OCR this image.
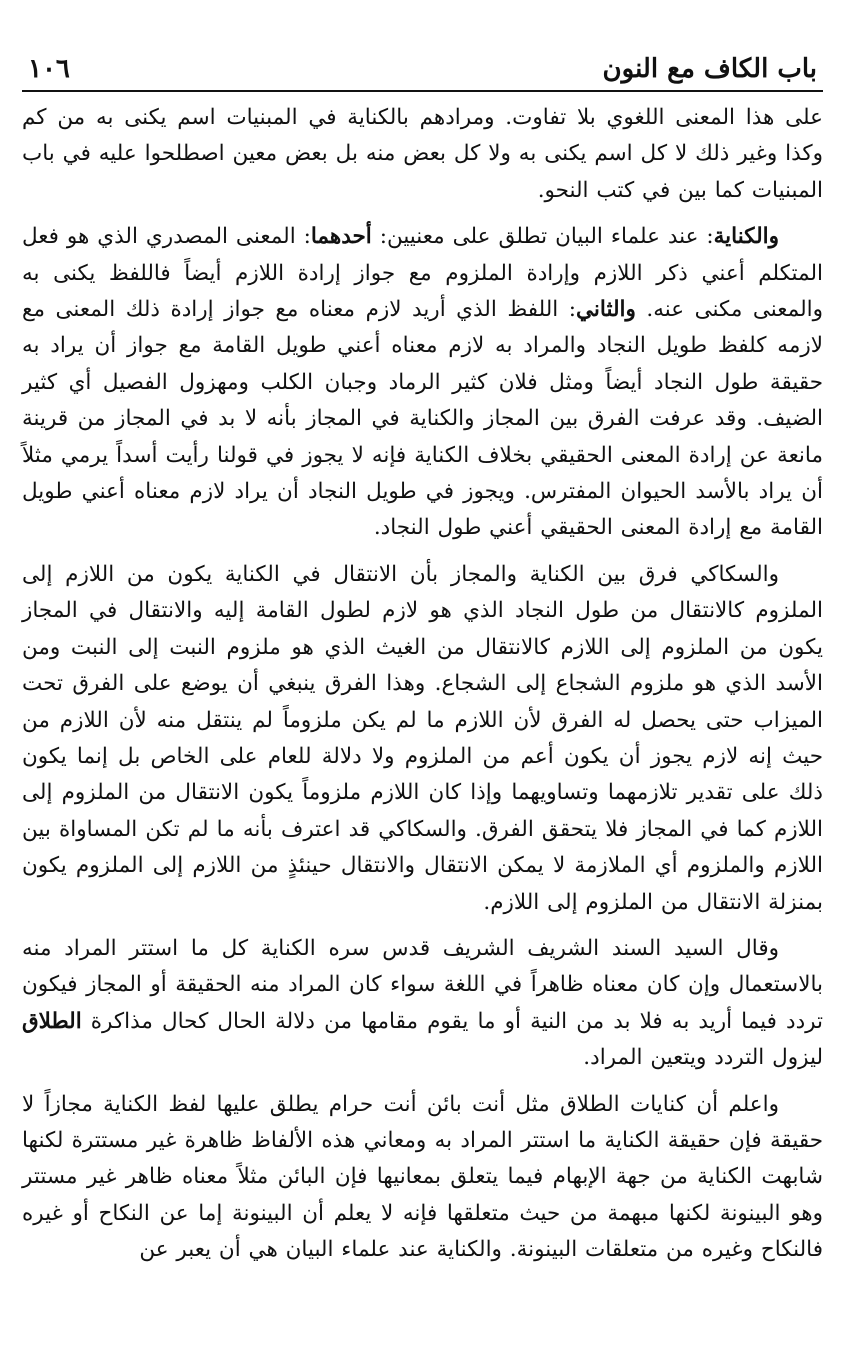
باب الكاف مع النون
١٠٦

على هذا المعنى اللغوي بلا تفاوت. ومرادهم بالكناية في المبنيات اسم يكنى به من كم وكذا وغير ذلك لا كل اسم يكنى به ولا كل بعض منه بل بعض معين اصطلحوا عليه في باب المبنيات كما بين في كتب النحو.

والكناية: عند علماء البيان تطلق على معنيين: أحدهما: المعنى المصدري الذي هو فعل المتكلم أعني ذكر اللازم وإرادة الملزوم مع جواز إرادة اللازم أيضاً فاللفظ يكنى به والمعنى مكنى عنه. والثاني: اللفظ الذي أريد لازم معناه مع جواز إرادة ذلك المعنى مع لازمه كلفظ طويل النجاد والمراد به لازم معناه أعني طويل القامة مع جواز أن يراد به حقيقة طول النجاد أيضاً ومثل فلان كثير الرماد وجبان الكلب ومهزول الفصيل أي كثير الضيف. وقد عرفت الفرق بين المجاز والكناية في المجاز بأنه لا بد في المجاز من قرينة مانعة عن إرادة المعنى الحقيقي بخلاف الكناية فإنه لا يجوز في قولنا رأيت أسداً يرمي مثلاً أن يراد بالأسد الحيوان المفترس. ويجوز في طويل النجاد أن يراد لازم معناه أعني طويل القامة مع إرادة المعنى الحقيقي أعني طول النجاد.

والسكاكي فرق بين الكناية والمجاز بأن الانتقال في الكناية يكون من اللازم إلى الملزوم كالانتقال من طول النجاد الذي هو لازم لطول القامة إليه والانتقال في المجاز يكون من الملزوم إلى اللازم كالانتقال من الغيث الذي هو ملزوم النبت إلى النبت ومن الأسد الذي هو ملزوم الشجاع إلى الشجاع. وهذا الفرق ينبغي أن يوضع على الفرق تحت الميزاب حتى يحصل له الفرق لأن اللازم ما لم يكن ملزوماً لم ينتقل منه لأن اللازم من حيث إنه لازم يجوز أن يكون أعم من الملزوم ولا دلالة للعام على الخاص بل إنما يكون ذلك على تقدير تلازمهما وتساويهما وإذا كان اللازم ملزوماً يكون الانتقال من الملزوم إلى اللازم كما في المجاز فلا يتحقق الفرق. والسكاكي قد اعترف بأنه ما لم تكن المساواة بين اللازم والملزوم أي الملازمة لا يمكن الانتقال والانتقال حينئذٍ من اللازم إلى الملزوم يكون بمنزلة الانتقال من الملزوم إلى اللازم.

وقال السيد السند الشريف الشريف قدس سره الكناية كل ما استتر المراد منه بالاستعمال وإن كان معناه ظاهراً في اللغة سواء كان المراد منه الحقيقة أو المجاز فيكون تردد فيما أريد به فلا بد من النية أو ما يقوم مقامها من دلالة الحال كحال مذاكرة الطلاق ليزول التردد ويتعين المراد.

واعلم أن كنايات الطلاق مثل أنت بائن أنت حرام يطلق عليها لفظ الكناية مجازاً لا حقيقة فإن حقيقة الكناية ما استتر المراد به ومعاني هذه الألفاظ ظاهرة غير مستترة لكنها شابهت الكناية من جهة الإبهام فيما يتعلق بمعانيها فإن البائن مثلاً معناه ظاهر غير مستتر وهو البينونة لكنها مبهمة من حيث متعلقها فإنه لا يعلم أن البينونة إما عن النكاح أو غيره فالنكاح وغيره من متعلقات البينونة. والكناية عند علماء البيان هي أن يعبر عن
